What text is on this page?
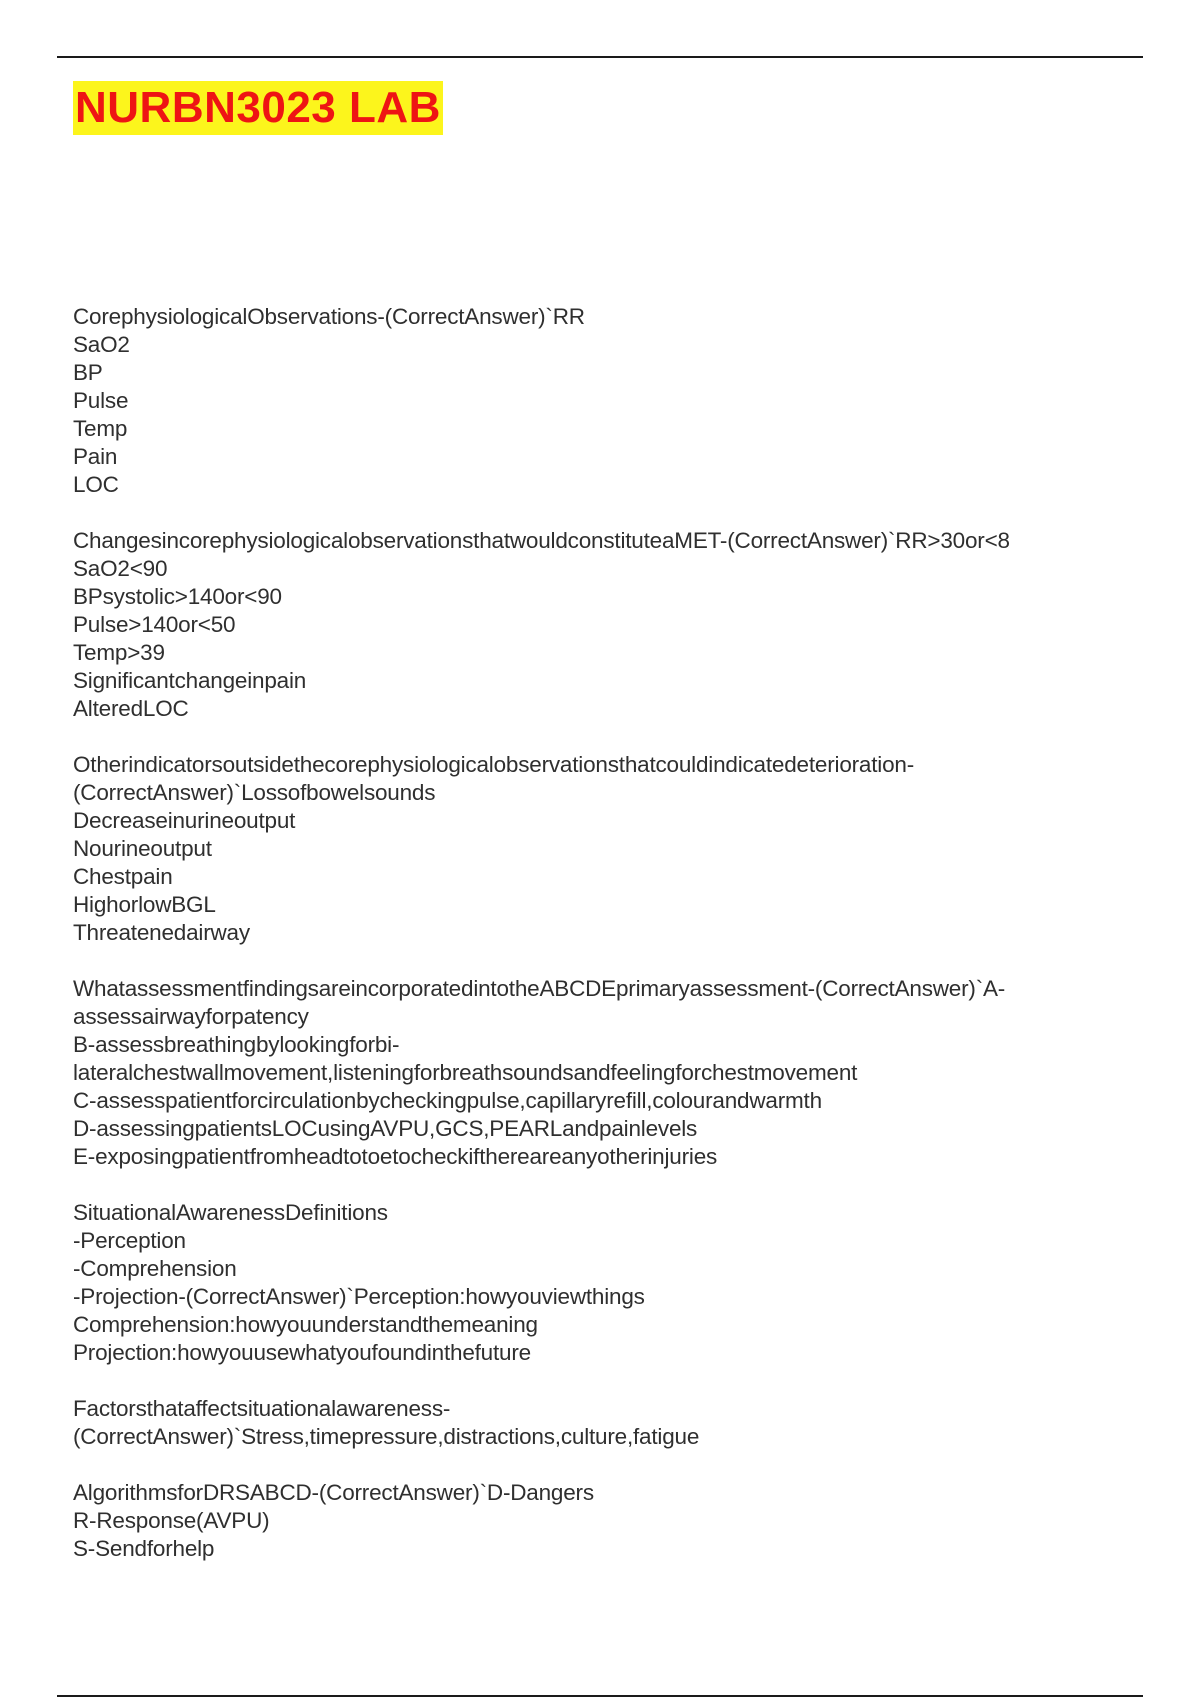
NURBN3023 LAB
CorephysiologicalObservations-(CorrectAnswer)`RR
SaO2
BP
Pulse
Temp
Pain
LOC
ChangesincorephysiologicalobservationsthatwouldconstituteaMET-(CorrectAnswer)`RR>30or<8
SaO2<90
BPsystolic>140or<90
Pulse>140or<50
Temp>39
Significantchangeinpain
AlteredLOC
Otherindicatorsoutsidethecorephysiologicalobservationsthatcouldindicatedeterioration-
(CorrectAnswer)`Lossofbowelsounds
Decreaseinurineoutput
Nourineoutput
Chestpain
HighorlowBGL
Threatenedairway
WhatassessmentfindingsareincorporatedintotheABCDEprimaryassessment-(CorrectAnswer)`A-
assessairwayforpatency
B-assessbreathingbylookingforbi-
lateralchestwallmovement,listeningforbreathsoundsandfeelingforchestmovement
C-assesspatientforcirculationbycheckingpulse,capillaryrefill,colourandwarmth
D-assessingpatientsLOCusingAVPU,GCS,PEARLandpainlevels
E-exposingpatientfromheadtotoetocheckiftherearеanyotherinjuries
SituationalAwarenessDefinitions
-Perception
-Comprehension
-Projection-(CorrectAnswer)`Perception:howyouviewthings
Comprehension:howyouunderstandthemeaning
Projection:howyouusewhatyoufoundinthefuture
Factorsthataffectsituationalawareness-
(CorrectAnswer)`Stress,timepressure,distractions,culture,fatigue
AlgorithmsforDRSABCD-(CorrectAnswer)`D-Dangers
R-Response(AVPU)
S-Sendforhelp
